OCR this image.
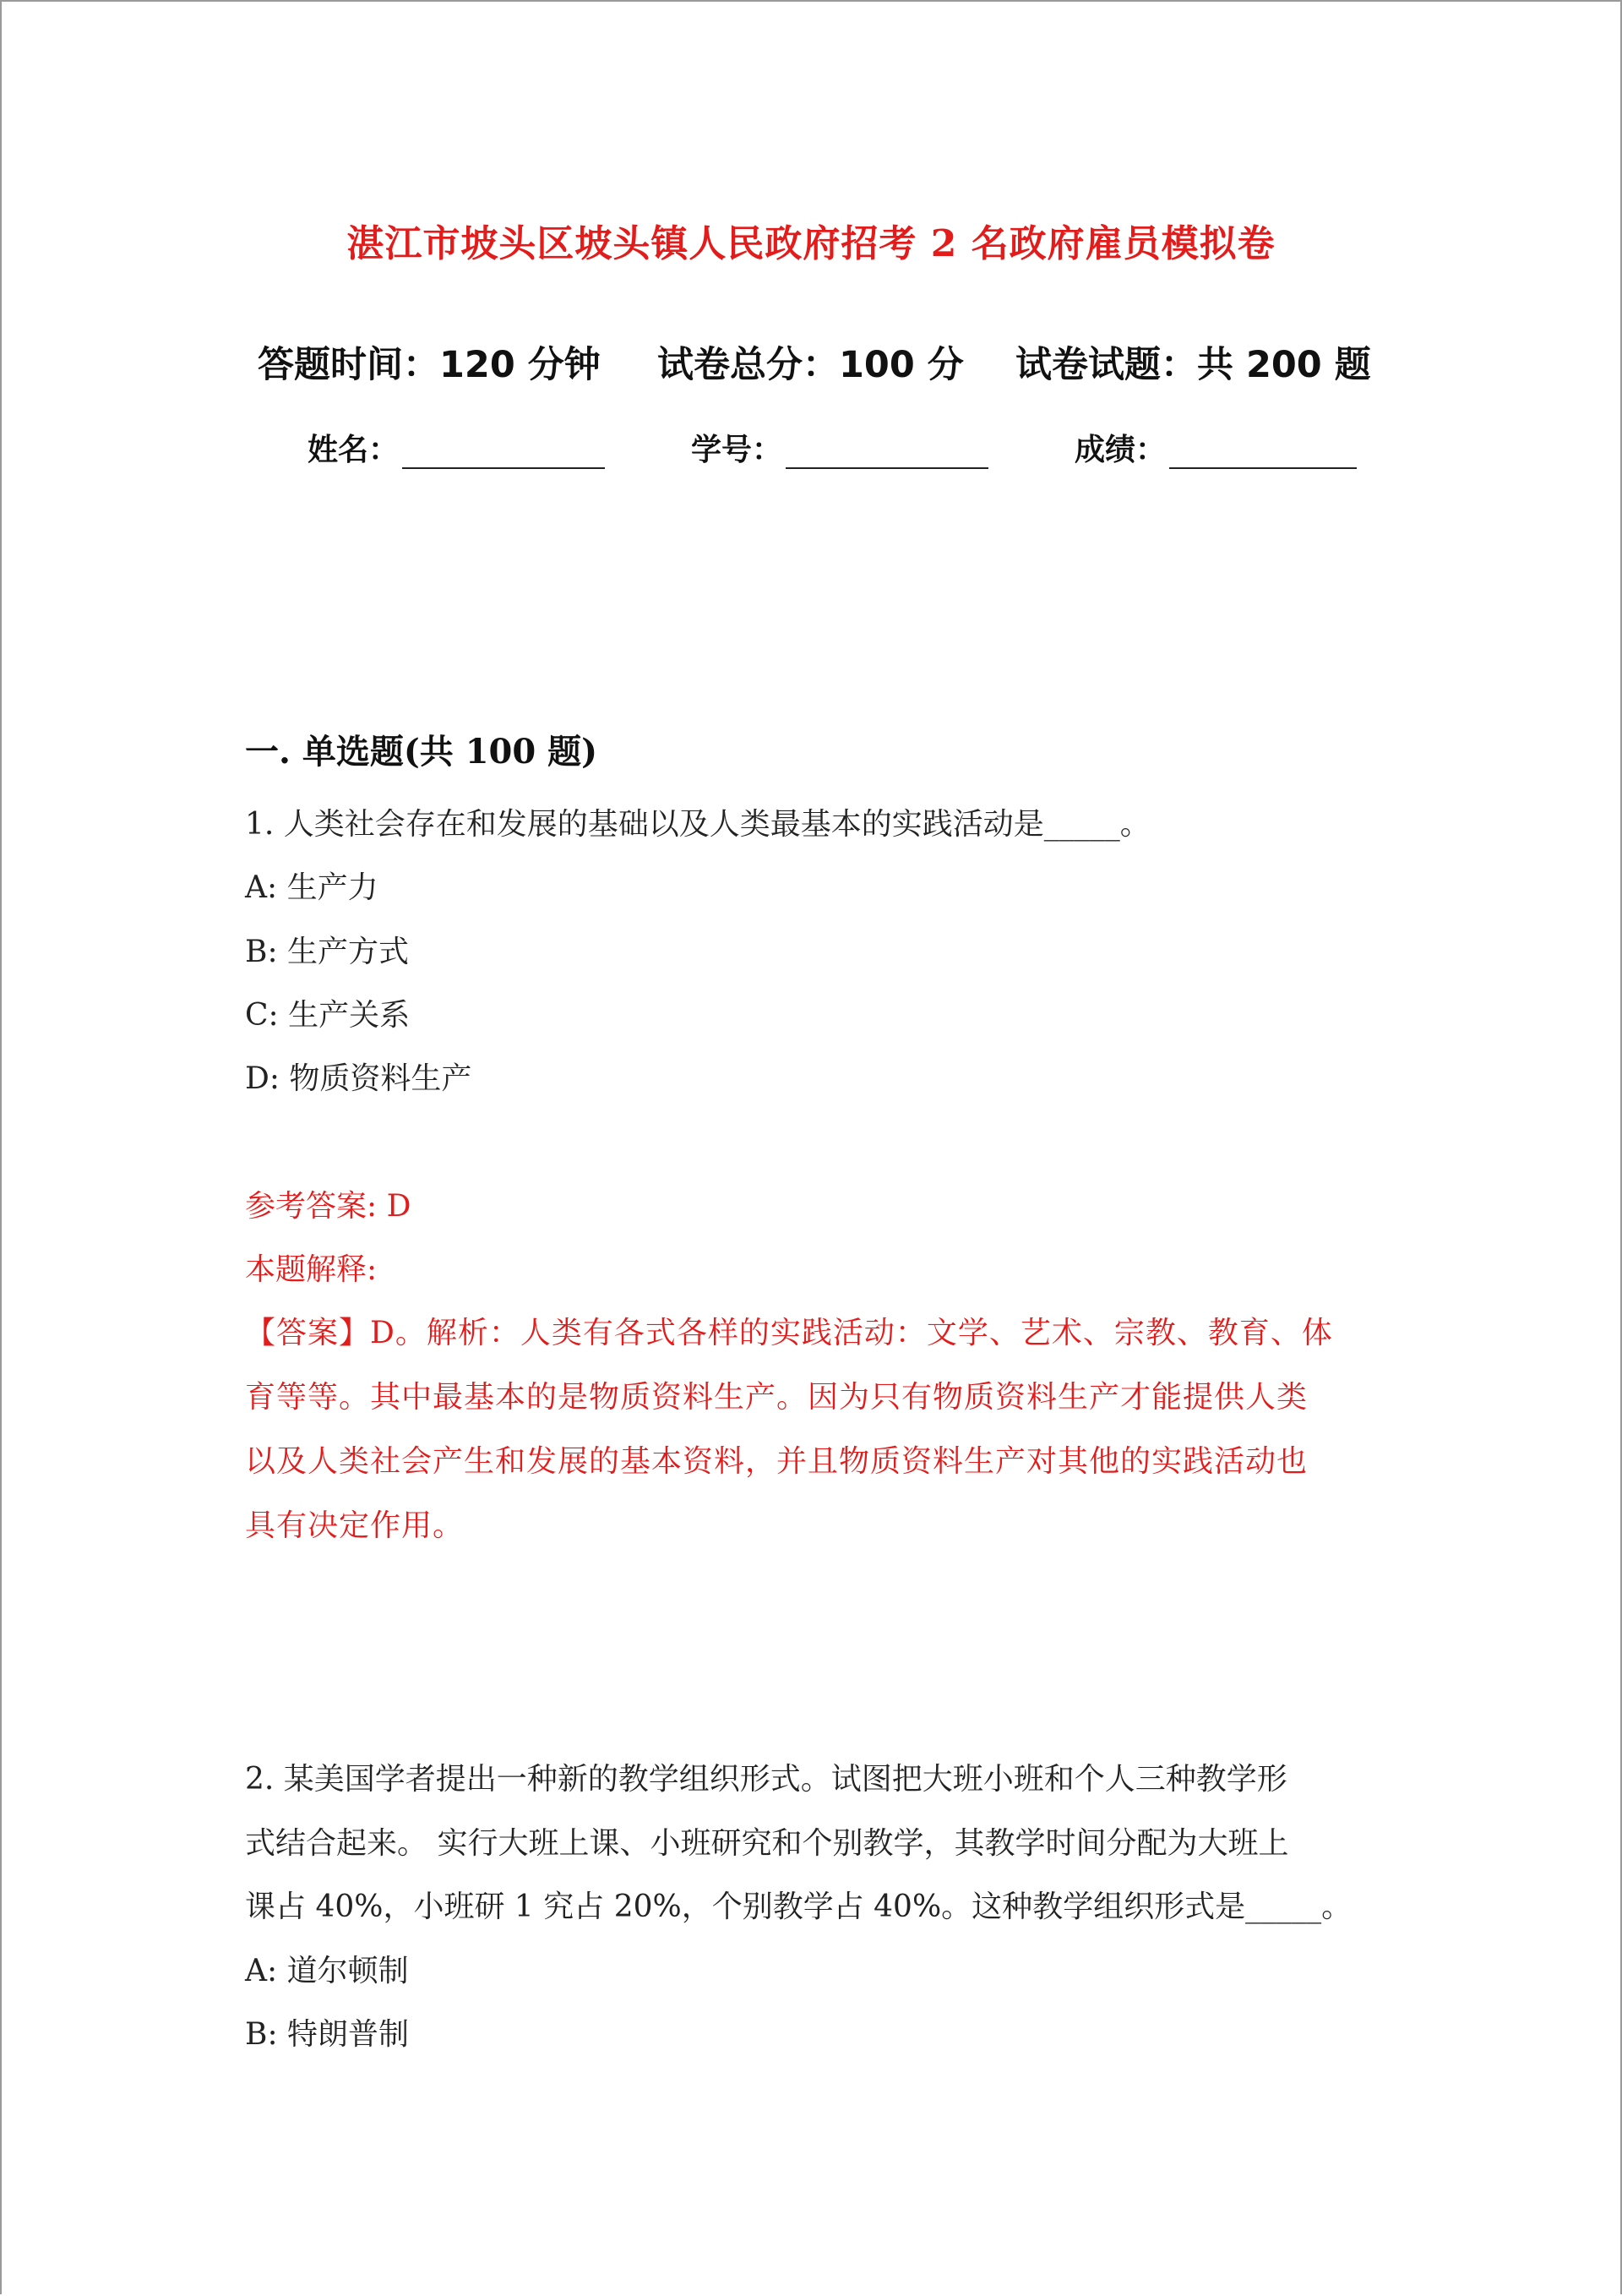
湛江市坡头区坡头镇人民政府招考 2 名政府雇员模拟卷
答题时间：120 分钟 试卷总分：100 分 试卷试题：共 200 题
姓名：	学号：	成绩：
一. 单选题(共 100 题)
1. 人类社会存在和发展的基础以及人类最基本的实践活动是_____。
A: 生产力
B: 生产方式
C: 生产关系
D: 物质资料生产
参考答案: D
本题解释:
【答案】D。解析：人类有各式各样的实践活动：文学、艺术、宗教、教育、体
育等等。其中最基本的是物质资料生产。因为只有物质资料生产才能提供人类
以及人类社会产生和发展的基本资料，并且物质资料生产对其他的实践活动也
具有决定作用。
2. 某美国学者提出一种新的教学组织形式。试图把大班小班和个人三种教学形
式结合起来。 实行大班上课、小班研究和个别教学，其教学时间分配为大班上
课占 40%，小班研 1 究占 20%，个别教学占 40%。这种教学组织形式是_____。
A: 道尔顿制
B: 特朗普制
